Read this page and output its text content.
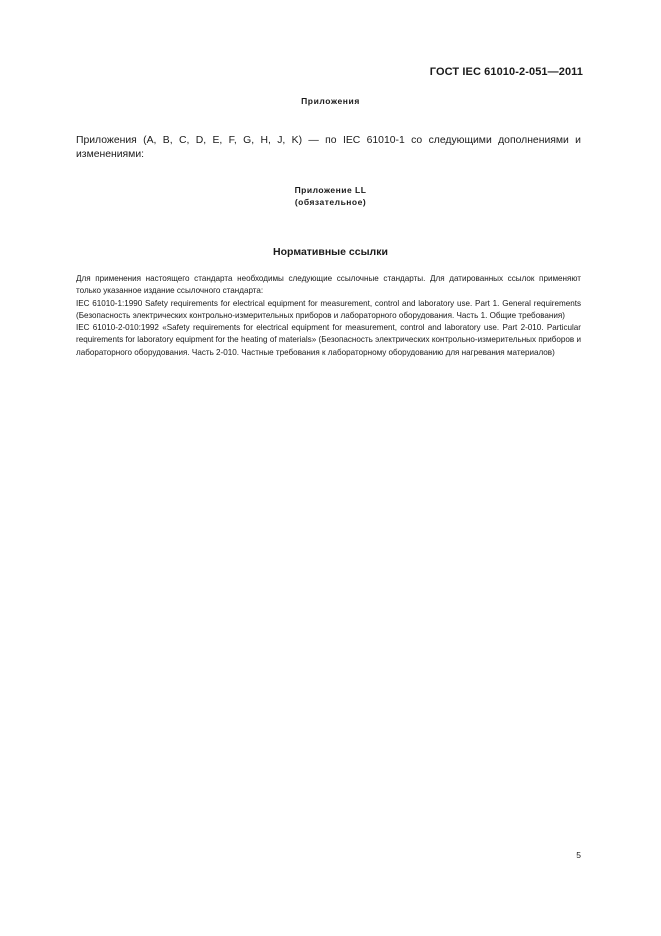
ГОСТ IEC 61010-2-051—2011
Приложения
Приложения (А, В, С, D, E, F, G, H, J, K) — по IEC 61010-1 со следующими дополнениями и изменениями:
Приложение LL
(обязательное)
Нормативные ссылки

Для применения настоящего стандарта необходимы следующие ссылочные стандарты. Для датированных ссылок применяют только указанное издание ссылочного стандарта:

IEC 61010-1:1990 Safety requirements for electrical equipment for measurement, control and laboratory use. Part 1. General requirements (Безопасность электрических контрольно-измерительных приборов и лабораторного оборудования. Часть 1. Общие требования)

IEC 61010-2-010:1992 «Safety requirements for electrical equipment for measurement, control and laboratory use. Part 2-010. Particular requirements for laboratory equipment for the heating of materials» (Безопасность электрических контрольно-измерительных приборов и лабораторного оборудования. Часть 2-010. Частные требования к лабораторному оборудованию для нагревания материалов)

5
